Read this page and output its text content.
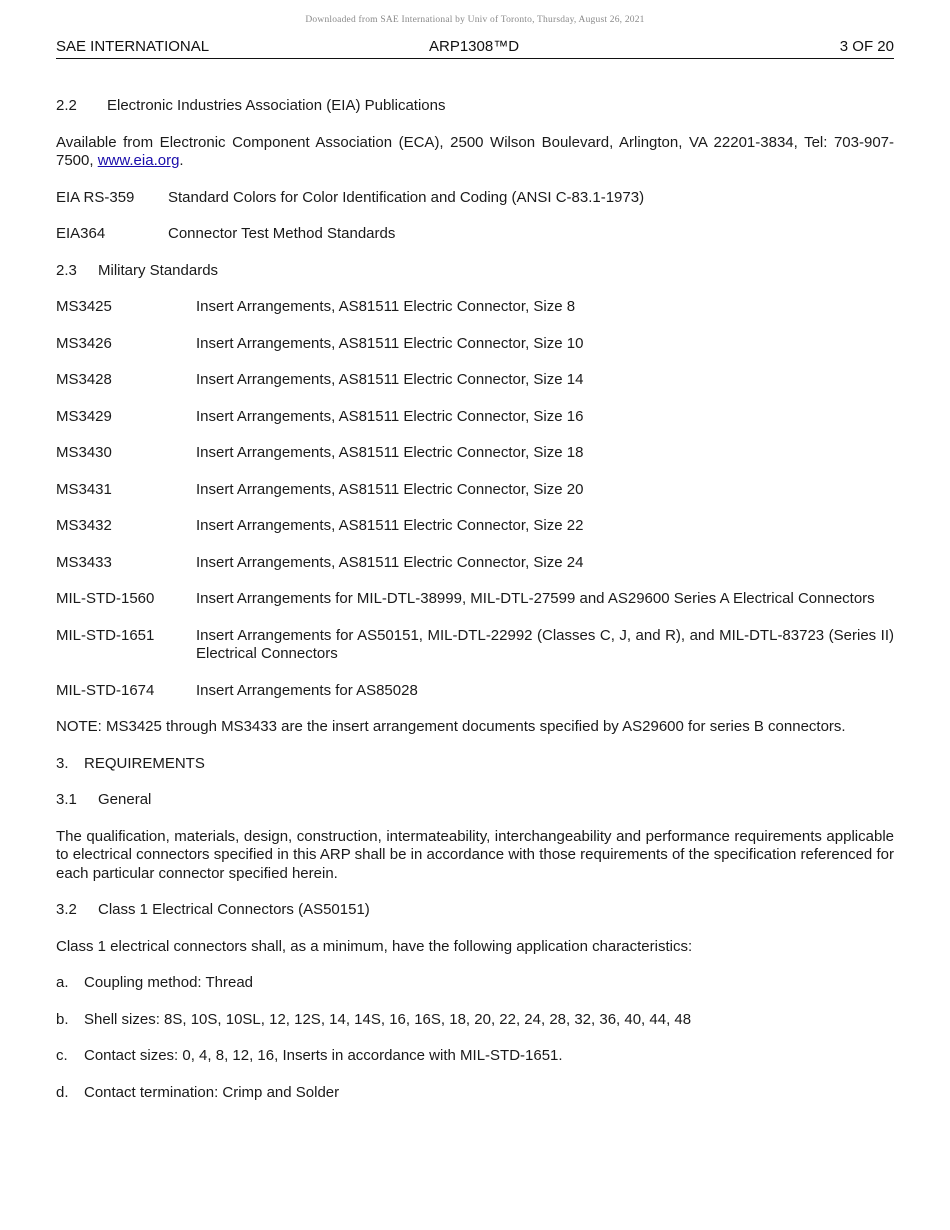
Downloaded from SAE International by Univ of Toronto, Thursday, August 26, 2021
SAE INTERNATIONAL	ARP1308™D	3 OF 20
2.2	Electronic Industries Association (EIA) Publications

Available from Electronic Component Association (ECA), 2500 Wilson Boulevard, Arlington, VA 22201-3834, Tel: 703-907-7500, www.eia.org.

EIA RS-359	Standard Colors for Color Identification and Coding (ANSI C-83.1-1973)
EIA364	Connector Test Method Standards
2.3	Military Standards
MS3425	Insert Arrangements, AS81511 Electric Connector, Size 8
MS3426	Insert Arrangements, AS81511 Electric Connector, Size 10
MS3428	Insert Arrangements, AS81511 Electric Connector, Size 14
MS3429	Insert Arrangements, AS81511 Electric Connector, Size 16
MS3430	Insert Arrangements, AS81511 Electric Connector, Size 18
MS3431	Insert Arrangements, AS81511 Electric Connector, Size 20
MS3432	Insert Arrangements, AS81511 Electric Connector, Size 22
MS3433	Insert Arrangements, AS81511 Electric Connector, Size 24
MIL-STD-1560	Insert Arrangements for MIL-DTL-38999, MIL-DTL-27599 and AS29600 Series A Electrical Connectors
MIL-STD-1651	Insert Arrangements for AS50151, MIL-DTL-22992 (Classes C, J, and R), and MIL-DTL-83723 (Series II) Electrical Connectors
MIL-STD-1674	Insert Arrangements for AS85028

NOTE: MS3425 through MS3433 are the insert arrangement documents specified by AS29600 for series B connectors.

3.	REQUIREMENTS
3.1	General

The qualification, materials, design, construction, intermateability, interchangeability and performance requirements applicable to electrical connectors specified in this ARP shall be in accordance with those requirements of the specification referenced for each particular connector specified herein.

3.2	Class 1 Electrical Connectors (AS50151)

Class 1 electrical connectors shall, as a minimum, have the following application characteristics:

a.	Coupling method: Thread
b.	Shell sizes: 8S, 10S, 10SL, 12, 12S, 14, 14S, 16, 16S, 18, 20, 22, 24, 28, 32, 36, 40, 44, 48
c.	Contact sizes: 0, 4, 8, 12, 16, Inserts in accordance with MIL-STD-1651.
d.	Contact termination: Crimp and Solder
